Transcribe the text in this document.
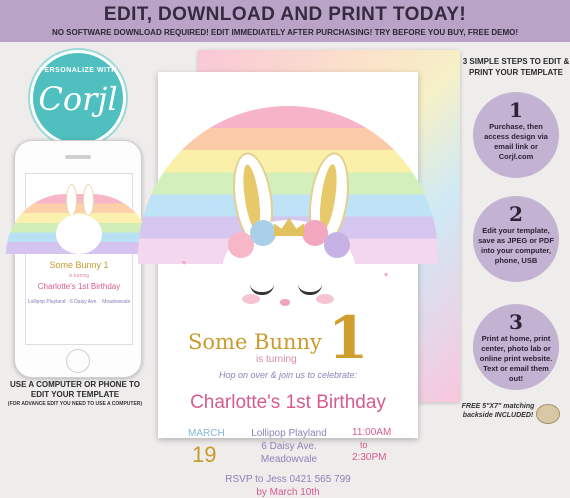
EDIT, DOWNLOAD AND PRINT TODAY!
NO SOFTWARE DOWNLOAD REQUIRED! EDIT IMMEDIATELY AFTER PURCHASING! TRY BEFORE YOU BUY, FREE DEMO!
PERSONALIZE WITH
Corjl
Some Bunny 1
is turning
Charlotte's 1st Birthday
Lollipop Playland · 6 Daisy Ave. · Meadowvale
USE A COMPUTER OR PHONE TO EDIT YOUR TEMPLATE
(FOR ADVANCE EDIT YOU NEED TO USE A COMPUTER)
♥
♥
Some Bunny 1
is turning
Hop on over & join us to celebrate:
Charlotte's 1st Birthday
MARCH
19
Lollipop Playland
6 Daisy Ave.
Meadowvale
11:00AM
to
2:30PM
RSVP to Jess 0421 565 799
by March 10th
3 SIMPLE STEPS TO EDIT & PRINT YOUR TEMPLATE
1
Purchase, then access design via email link or Corjl.com
2
Edit your template, save as JPEG or PDF into your computer, phone, USB
3
Print at home, print center, photo lab or online print website. Text or email them out!
FREE 5"X7" matching backside INCLUDED!
